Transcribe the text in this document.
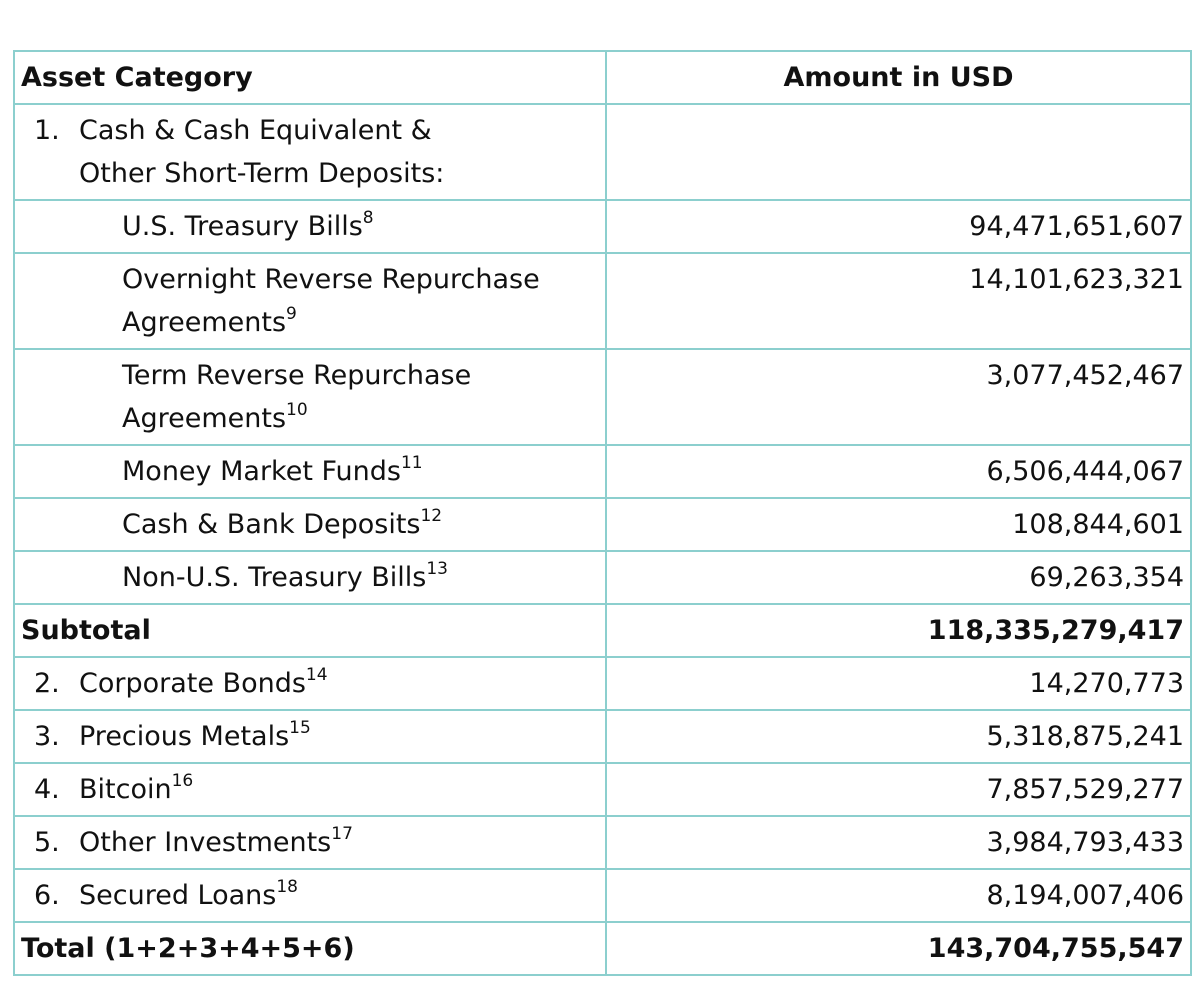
Asset Category	Amount in USD

1. Cash & Cash Equivalent & Other Short-Term Deposits:	

U.S. Treasury Bills$^8$	94,471,651,607

Overnight Reverse Repurchase Agreements$^9$	14,101,623,321

Term Reverse Repurchase Agreements$^{10}$	3,077,452,467

Money Market Funds$^{11}$	6,506,444,067

Cash & Bank Deposits$^{12}$	108,844,601

Non-U.S. Treasury Bills$^{13}$	69,263,354
Subtotal	118,335,279,417

2. Corporate Bonds$^{14}$	14,270,773

3. Precious Metals$^{15}$	5,318,875,241

4. Bitcoin$^{16}$	7,857,529,277

5. Other Investments$^{17}$	3,984,793,433

6. Secured Loans$^{18}$	8,194,007,406
Total (1+2+3+4+5+6)	143,704,755,547
